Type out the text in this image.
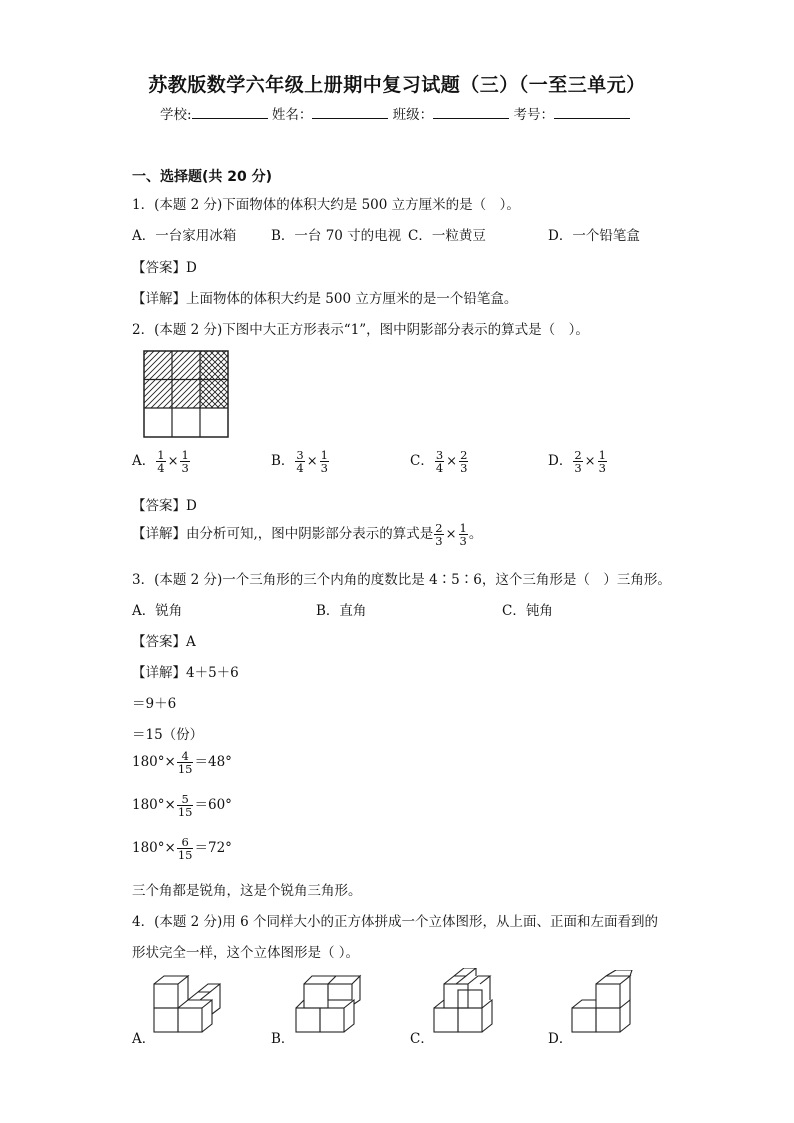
苏教版数学六年级上册期中复习试题（三）（一至三单元）
学校:	姓名：	班级：	考号：
一、选择题(共 20 分)
1．(本题 2 分)下面物体的体积大约是 500 立方厘米的是（　）。
A．一台家用冰箱	B．一台 70 寸的电视 C．一粒黄豆	D．一个铅笔盒
【答案】D
【详解】上面物体的体积大约是 500 立方厘米的是一个铅笔盒。
2．(本题 2 分)下图中大正方形表示“1”，图中阴影部分表示的算式是（　）。
A． $\frac{1}{4} \times \frac{1}{3}$	B． $\frac{3}{4} \times \frac{1}{3}$	C． $\frac{3}{4} \times \frac{2}{3}$	D． $\frac{2}{3} \times \frac{1}{3}$
【答案】D
【详解】由分析可知,，图中阴影部分表示的算式是 $\frac{2}{3} \times \frac{1}{3}$ 。
3．(本题 2 分)一个三角形的三个内角的度数比是 4∶5∶6，这个三角形是（　）三角形。
A．锐角	B．直角	C．钝角
【答案】A
【详解】4＋5＋6
＝9＋6
＝15（份）
$180^\circ\times \frac{4}{15} =48^\circ$
$180^\circ\times \frac{5}{15} =60^\circ$
$180^\circ\times \frac{6}{15} =72^\circ$
三个角都是锐角，这是个锐角三角形。
4．(本题 2 分)用 6 个同样大小的正方体拼成一个立体图形，从上面、正面和左面看到的
形状完全一样，这个立体图形是（ ）。
A．	B．	C．	D．
